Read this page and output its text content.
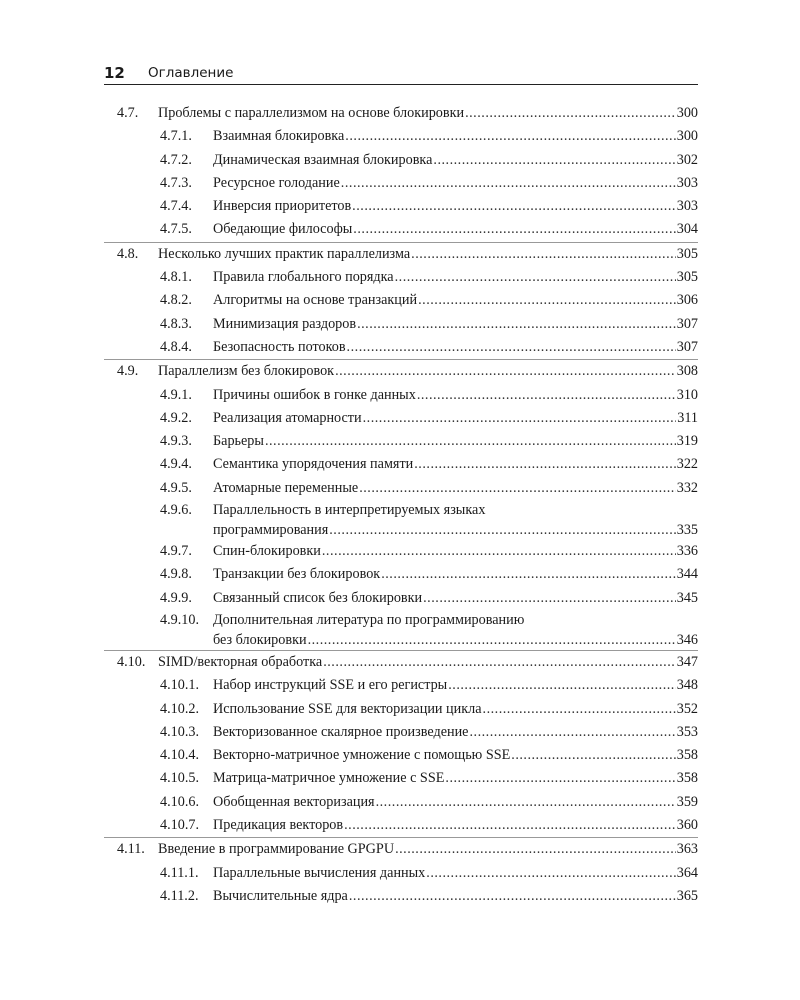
12 Оглавление
4.7. Проблемы с параллелизмом на основе блокировки .....	300
4.7.1. Взаимная блокировка .....	300
4.7.2. Динамическая взаимная блокировка .....	302
4.7.3. Ресурсное голодание .....	303
4.7.4. Инверсия приоритетов .....	303
4.7.5. Обедающие философы .....	304
4.8. Несколько лучших практик параллелизма .....	305
4.8.1. Правила глобального порядка .....	305
4.8.2. Алгоритмы на основе транзакций .....	306
4.8.3. Минимизация раздоров .....	307
4.8.4. Безопасность потоков .....	307
4.9. Параллелизм без блокировок .....	308
4.9.1. Причины ошибок в гонке данных .....	310
4.9.2. Реализация атомарности .....	311
4.9.3. Барьеры .....	319
4.9.4. Семантика упорядочения памяти .....	322
4.9.5. Атомарные переменные .....	332
4.9.6. Параллельность в интерпретируемых языках
программирования .....	335
4.9.7. Спин-блокировки .....	336
4.9.8. Транзакции без блокировок .....	344
4.9.9. Связанный список без блокировки .....	345
4.9.10. Дополнительная литература по программированию
без блокировки .....	346
4.10. SIMD/векторная обработка .....	347
4.10.1. Набор инструкций SSE и его регистры .....	348
4.10.2. Использование SSE для векторизации цикла .....	352
4.10.3. Векторизованное скалярное произведение .....	353
4.10.4. Векторно-матричное умножение с помощью SSE .....	358
4.10.5. Матрица-матричное умножение с SSE .....	358
4.10.6. Обобщенная векторизация .....	359
4.10.7. Предикация векторов .....	360
4.11. Введение в программирование GPGPU .....	363
4.11.1. Параллельные вычисления данных .....	364
4.11.2. Вычислительные ядра .....	365
